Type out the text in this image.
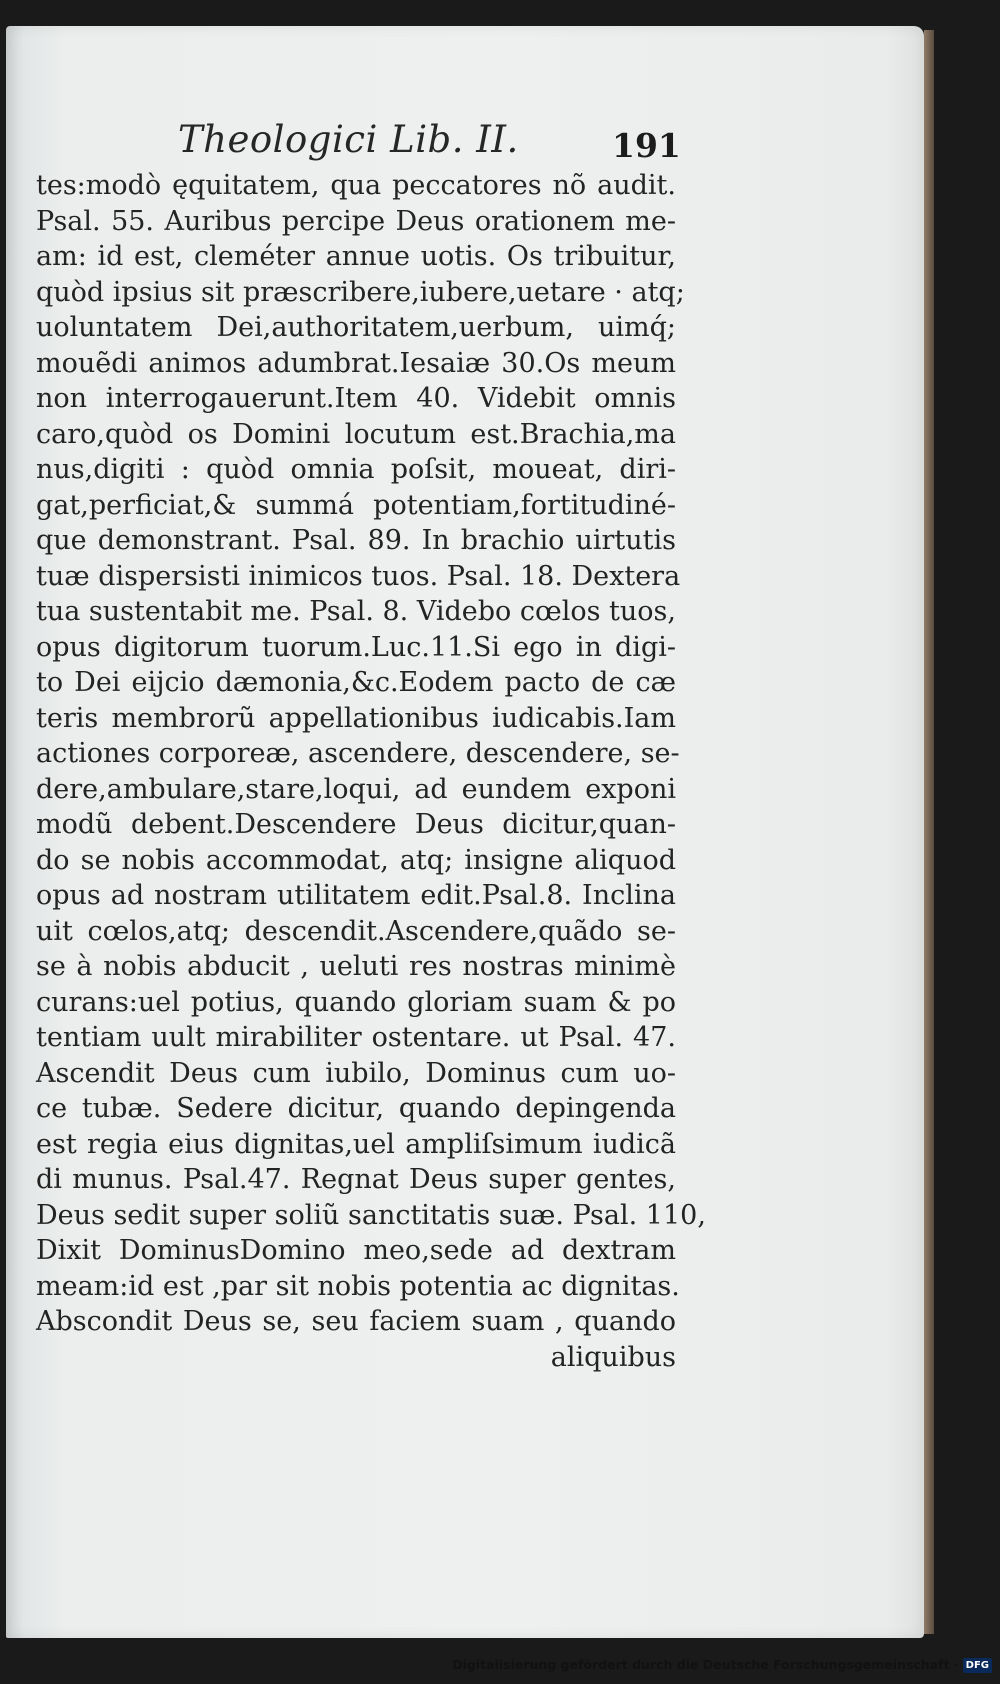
Theologici Lib. II.	191
tes:modò ęquitatem, qua peccatores nõ audit.
Psal. 55. Auribus percipe Deus orationem me-
am: id est, cleméter annue uotis. Os tribuitur,
quòd ipsius sit præscribere,iubere,uetare · atq;
uoluntatem Dei,authoritatem,uerbum, uimq́;
mouẽdi animos adumbrat.Iesaiæ 30.Os meum
non interrogauerunt.Item 40. Videbit omnis
caro,quòd os Domini locutum est.Brachia,ma
nus,digiti : quòd omnia poſsit, moueat, diri-
gat,perficiat,& summá potentiam,fortitudiné-
que demonstrant. Psal. 89. In brachio uirtutis
tuæ dispersisti inimicos tuos. Psal. 18. Dextera
tua sustentabit me. Psal. 8. Videbo cœlos tuos,
opus digitorum tuorum.Luc.11.Si ego in digi-
to Dei eijcio dæmonia,&c.Eodem pacto de cæ
teris membrorũ appellationibus iudicabis.Iam
actiones corporeæ, ascendere, descendere, se-
dere,ambulare,stare,loqui, ad eundem exponi
modũ debent.Descendere Deus dicitur,quan-
do se nobis accommodat, atq; insigne aliquod
opus ad nostram utilitatem edit.Psal.8. Inclina
uit cœlos,atq; descendit.Ascendere,quãdo se-
se à nobis abducit , ueluti res nostras minimè
curans:uel potius, quando gloriam suam & po
tentiam uult mirabiliter ostentare. ut Psal. 47.
Ascendit Deus cum iubilo, Dominus cum uo-
ce tubæ. Sedere dicitur, quando depingenda
est regia eius dignitas,uel ampliſsimum iudicã
di munus. Psal.47. Regnat Deus super gentes,
Deus sedit super soliũ sanctitatis suæ. Psal. 110,
Dixit DominusDomino meo,sede ad dextram
meam:id est ,par sit nobis potentia ac dignitas.
Abscondit Deus se, seu faciem suam , quando
aliquibus
Digitalisierung gefördert durch die Deutsche Forschungsgemeinschaft · DFG
